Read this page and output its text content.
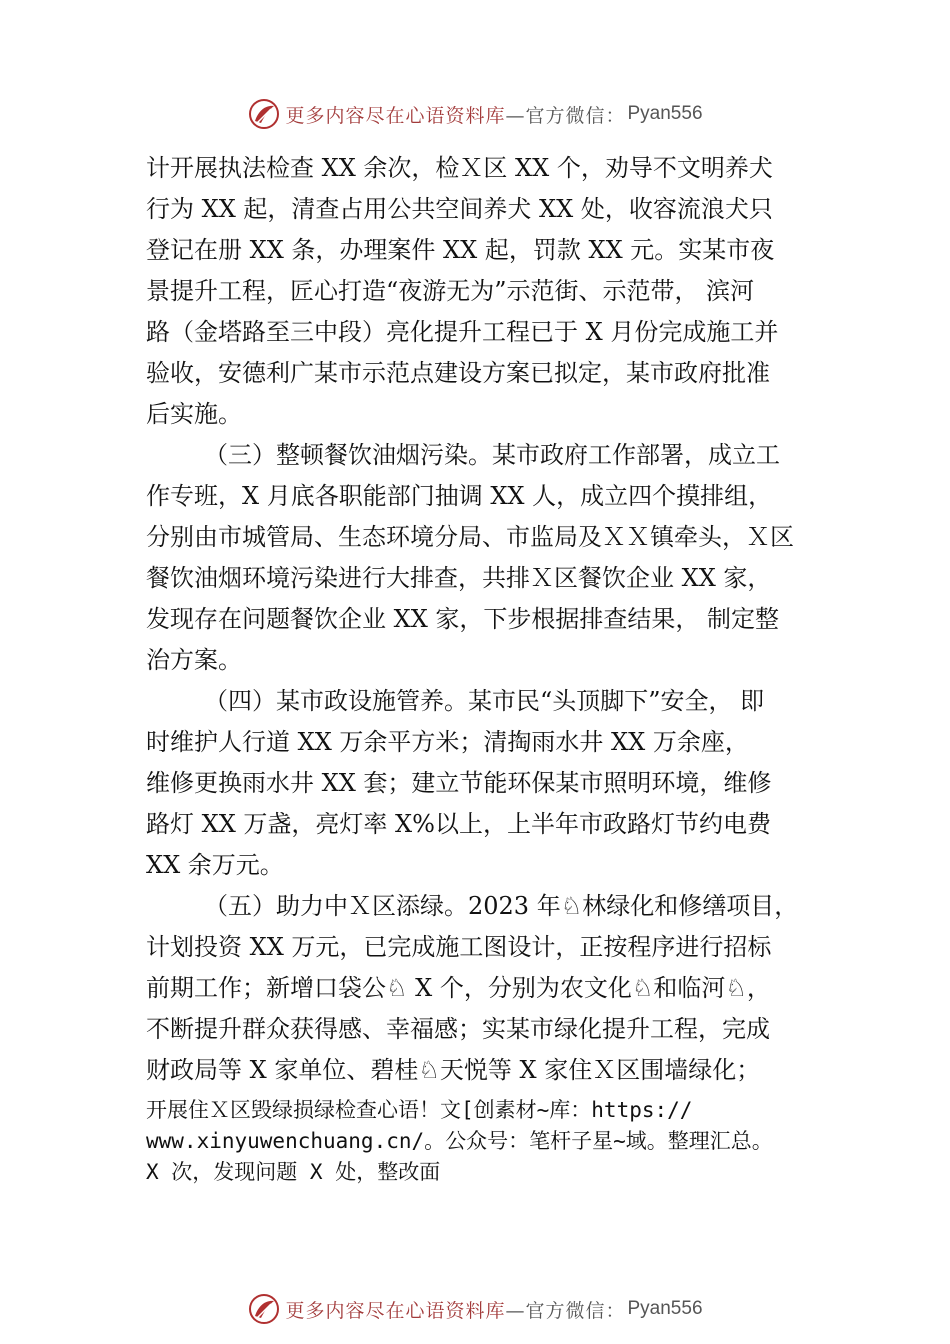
更多内容尽在心语资料库 —官方微信： Pyan556
计开展执法检查 XX 余次，检Ｘ区 XX 个，劝导不文明养犬
行为 XX 起，清查占用公共空间养犬 XX 处，收容流浪犬只
登记在册 XX 条，办理案件 XX 起，罚款 XX 元。实某市夜
景提升工程，匠心打造“夜游无为”示范街、示范带， 滨河
路（金塔路至三中段）亮化提升工程已于 X 月份完成施工并
验收，安德利广某市示范点建设方案已拟定，某市政府批准
后实施。
（三）整顿餐饮油烟污染。某市政府工作部署，成立工
作专班，X 月底各职能部门抽调 XX 人，成立四个摸排组，
分别由市城管局、生态环境分局、市监局及ＸＸ镇牵头，Ｘ区
餐饮油烟环境污染进行大排查，共排Ｘ区餐饮企业 XX 家，
发现存在问题餐饮企业 XX 家，下步根据排查结果， 制定整
治方案。
（四）某市政设施管养。某市民“头顶脚下”安全， 即
时维护人行道 XX 万余平方米；清掏雨水井 XX 万余座，
维修更换雨水井 XX 套；建立节能环保某市照明环境，维修
路灯 XX 万盏，亮灯率 X%以上，上半年市政路灯节约电费
XX 余万元。
（五）助力中Ｘ区添绿。2023 年♘林绿化和修缮项目，
计划投资 XX 万元，已完成施工图设计，正按程序进行招标
前期工作；新增口袋公♘ X 个，分别为农文化♘和临河♘，
不断提升群众获得感、幸福感；实某市绿化提升工程，完成
财政局等 X 家单位、碧桂♘天悦等 X 家住Ｘ区围墙绿化；
开展住Ｘ区毁绿损绿检查心语！文[创素材~库：https://
www.xinyuwenchuang.cn/。公众号：笔杆子星~域。整理汇总。
X 次，发现问题 X 处，整改面
更多内容尽在心语资料库 —官方微信： Pyan556
